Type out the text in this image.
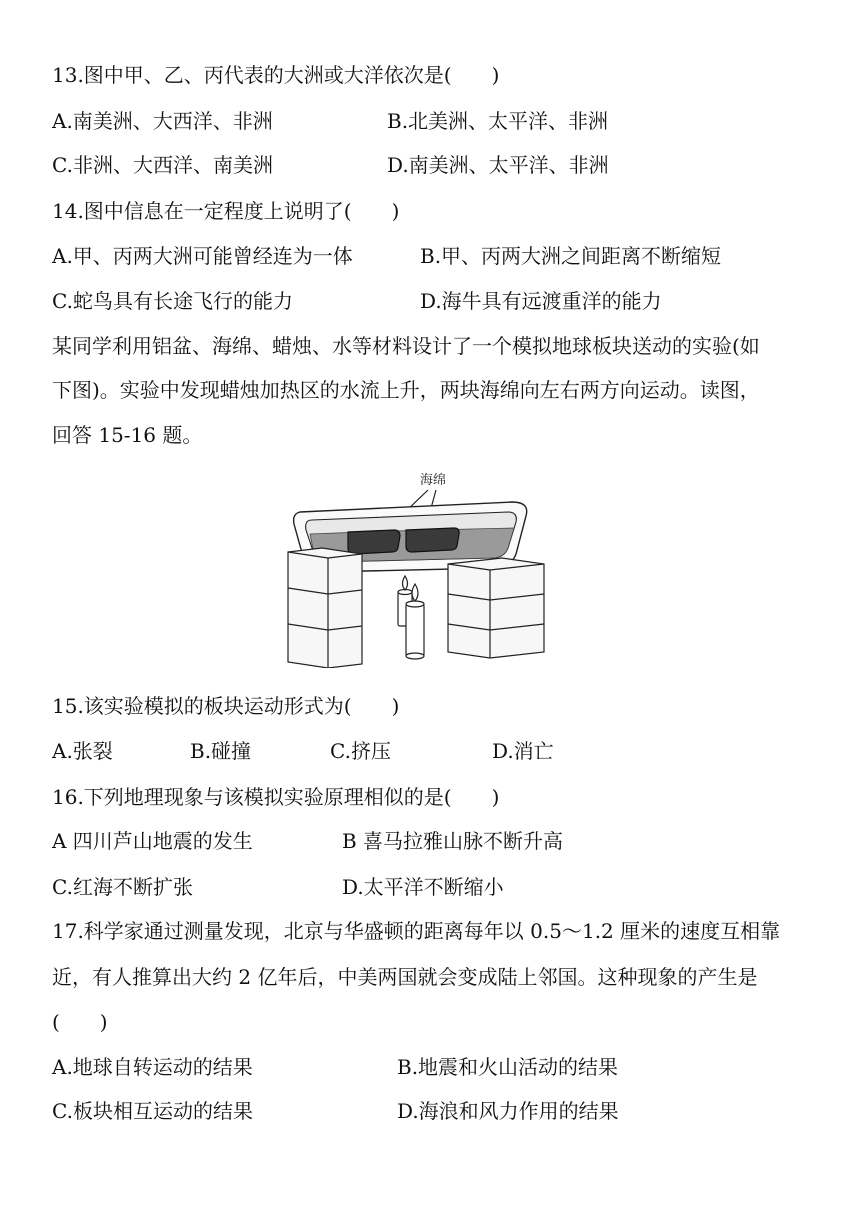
13.图中甲、乙、丙代表的大洲或大洋依次是(　　)
A.南美洲、大西洋、非洲	B.北美洲、太平洋、非洲
C.非洲、大西洋、南美洲	D.南美洲、太平洋、非洲
14.图中信息在一定程度上说明了(　　)
A.甲、丙两大洲可能曾经连为一体	B.甲、丙两大洲之间距离不断缩短
C.蛇鸟具有长途飞行的能力	D.海牛具有远渡重洋的能力
某同学利用铝盆、海绵、蜡烛、水等材料设计了一个模拟地球板块送动的实验(如
下图)。实验中发现蜡烛加热区的水流上升，两块海绵向左右两方向运动。读图，
回答 15-16 题。
海绵
15.该实验模拟的板块运动形式为(　　)
A.张裂	B.碰撞	C.挤压	D.消亡
16.下列地理现象与该模拟实验原理相似的是(　　)
A 四川芦山地震的发生	B 喜马拉雅山脉不断升高
C.红海不断扩张	D.太平洋不断缩小
17.科学家通过测量发现，北京与华盛顿的距离每年以 0.5～1.2 厘米的速度互相靠
近，有人推算出大约 2 亿年后，中美两国就会变成陆上邻国。这种现象的产生是
(　　)
A.地球自转运动的结果	B.地震和火山活动的结果
C.板块相互运动的结果	D.海浪和风力作用的结果
